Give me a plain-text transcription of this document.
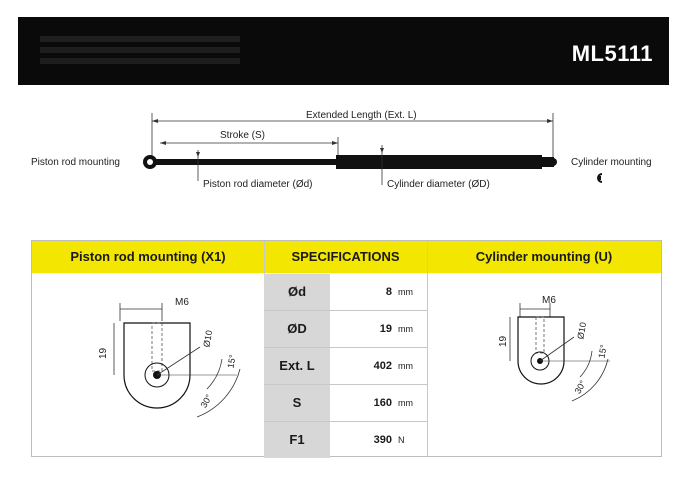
ML5111
Extended Length (Ext. L)
Stroke (S)
Piston rod mounting	Cylinder mounting
Piston rod diameter (Ød)	Cylinder diameter (ØD)
Piston rod mounting (X1)	SPECIFICATIONS	Cylinder mounting (U)
Ød	8 mm
ØD	19 mm
Ext. L	402 mm
S	160 mm
F1	390 N
M6
19
Ø10
15°
30°
M6
19
Ø10
15°
30°
